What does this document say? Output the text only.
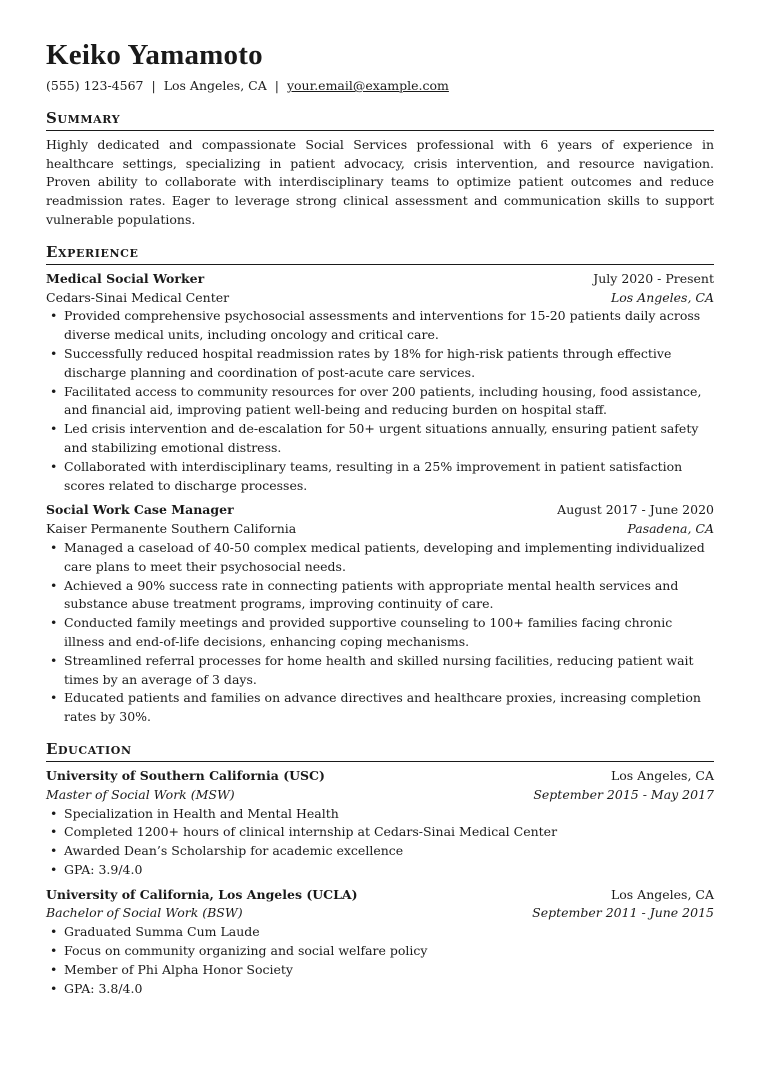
Keiko Yamamoto
(555) 123-4567 | Los Angeles, CA | your.email@example.com
Summary
Highly dedicated and compassionate Social Services professional with 6 years of experience in healthcare settings, specializing in patient advocacy, crisis intervention, and resource navigation. Proven ability to collaborate with interdisciplinary teams to optimize patient outcomes and reduce readmission rates. Eager to leverage strong clinical assessment and communication skills to support vulnerable populations.
Experience
Medical Social Worker	July 2020 - Present
Cedars-Sinai Medical Center	Los Angeles, CA
• Provided comprehensive psychosocial assessments and interventions for 15-20 patients daily across diverse medical units, including oncology and critical care.
• Successfully reduced hospital readmission rates by 18% for high-risk patients through effective discharge planning and coordination of post-acute care services.
• Facilitated access to community resources for over 200 patients, including housing, food assistance, and financial aid, improving patient well-being and reducing burden on hospital staff.
• Led crisis intervention and de-escalation for 50+ urgent situations annually, ensuring patient safety and stabilizing emotional distress.
• Collaborated with interdisciplinary teams, resulting in a 25% improvement in patient satisfaction scores related to discharge processes.
Social Work Case Manager	August 2017 - June 2020
Kaiser Permanente Southern California	Pasadena, CA
• Managed a caseload of 40-50 complex medical patients, developing and implementing individualized care plans to meet their psychosocial needs.
• Achieved a 90% success rate in connecting patients with appropriate mental health services and substance abuse treatment programs, improving continuity of care.
• Conducted family meetings and provided supportive counseling to 100+ families facing chronic illness and end-of-life decisions, enhancing coping mechanisms.
• Streamlined referral processes for home health and skilled nursing facilities, reducing patient wait times by an average of 3 days.
• Educated patients and families on advance directives and healthcare proxies, increasing completion rates by 30%.
Education
University of Southern California (USC)	Los Angeles, CA
Master of Social Work (MSW)	September 2015 - May 2017
• Specialization in Health and Mental Health
• Completed 1200+ hours of clinical internship at Cedars-Sinai Medical Center
• Awarded Dean’s Scholarship for academic excellence
• GPA: 3.9/4.0
University of California, Los Angeles (UCLA)	Los Angeles, CA
Bachelor of Social Work (BSW)	September 2011 - June 2015
• Graduated Summa Cum Laude
• Focus on community organizing and social welfare policy
• Member of Phi Alpha Honor Society
• GPA: 3.8/4.0
